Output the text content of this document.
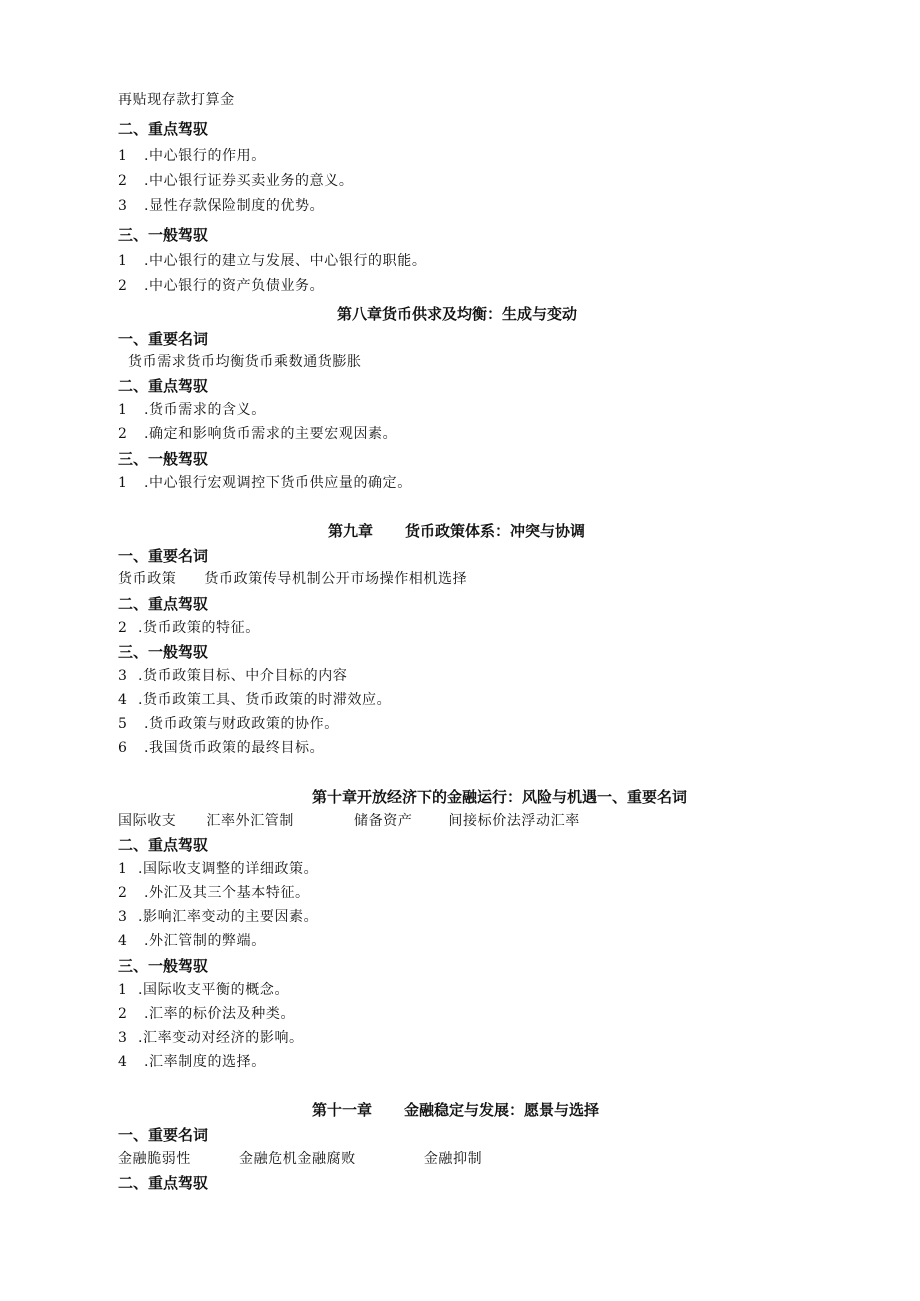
再贴现存款打算金
二、重点驾驭
1 .中心银行的作用。
2 .中心银行证券买卖业务的意义。
3 .显性存款保险制度的优势。
三、一般驾驭
1 .中心银行的建立与发展、中心银行的职能。
2 .中心银行的资产负债业务。
第八章货币供求及均衡：生成与变动
一、重要名词
货币需求货币均衡货币乘数通货膨胀
二、重点驾驭
1 .货币需求的含义。
2 .确定和影响货币需求的主要宏观因素。
三、一般驾驭
1 .中心银行宏观调控下货币供应量的确定。
第九章 货币政策体系：冲突与协调
一、重要名词
货币政策 货币政策传导机制公开市场操作相机选择
二、重点驾驭
2 .货币政策的特征。
三、一般驾驭
3 .货币政策目标、中介目标的内容
4 .货币政策工具、货币政策的时滞效应。
5 .货币政策与财政政策的协作。
6 .我国货币政策的最终目标。
第十章开放经济下的金融运行：风险与机遇一、重要名词
国际收支 汇率外汇管制	储备资产	间接标价法浮动汇率
二、重点驾驭
1 .国际收支调整的详细政策。
2 .外汇及其三个基本特征。
3 .影响汇率变动的主要因素。
4 .外汇管制的弊端。
三、一般驾驭
1 .国际收支平衡的概念。
2 .汇率的标价法及种类。
3 .汇率变动对经济的影响。
4 .汇率制度的选择。
第十一章 金融稳定与发展：愿景与选择
一、重要名词
金融脆弱性	金融危机金融腐败	金融抑制
二、重点驾驭
